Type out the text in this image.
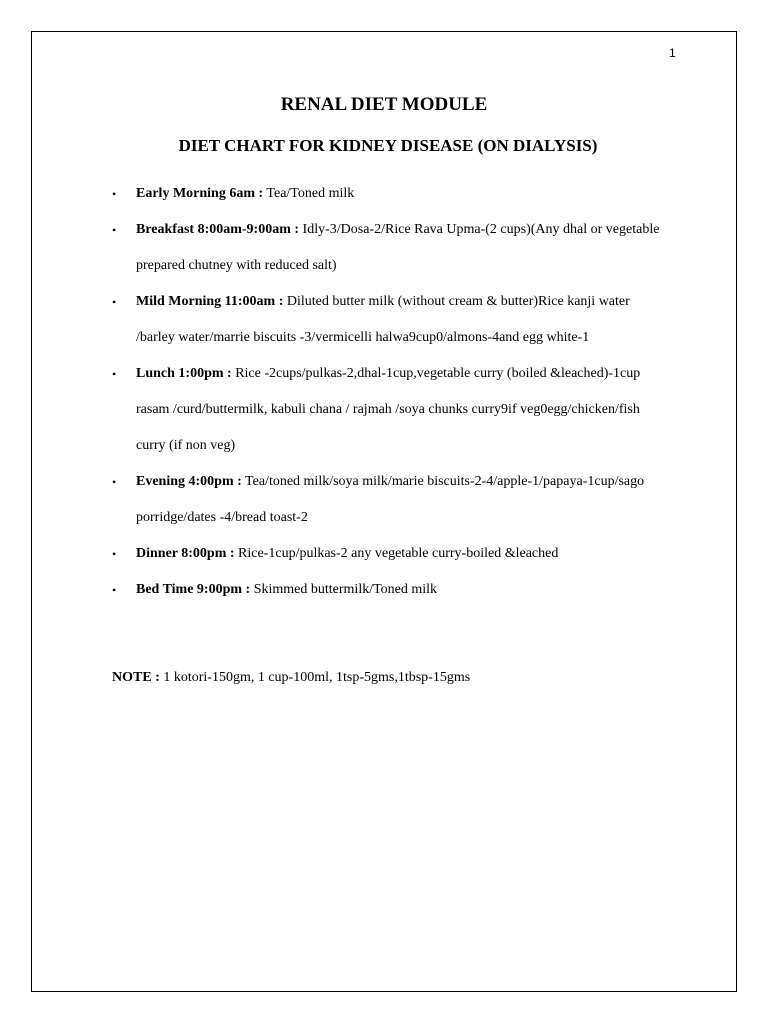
1
RENAL DIET MODULE
DIET CHART FOR KIDNEY DISEASE (ON DIALYSIS)
• Early Morning 6am : Tea/Toned milk
• Breakfast 8:00am-9:00am : Idly-3/Dosa-2/Rice Rava Upma-(2 cups)(Any dhal or vegetable prepared chutney with reduced salt)
• Mild Morning 11:00am : Diluted butter milk (without cream & butter)Rice kanji water /barley water/marrie biscuits -3/vermicelli halwa9cup0/almons-4and egg white-1
• Lunch 1:00pm : Rice -2cups/pulkas-2,dhal-1cup,vegetable curry (boiled &leached)-1cup rasam /curd/buttermilk, kabuli chana / rajmah /soya chunks curry9if veg0egg/chicken/fish curry (if non veg)
• Evening 4:00pm : Tea/toned milk/soya milk/marie biscuits-2-4/apple-1/papaya-1cup/sago porridge/dates -4/bread toast-2
• Dinner 8:00pm : Rice-1cup/pulkas-2 any vegetable curry-boiled &leached
• Bed Time 9:00pm : Skimmed buttermilk/Toned milk
NOTE : 1 kotori-150gm, 1 cup-100ml, 1tsp-5gms,1tbsp-15gms
